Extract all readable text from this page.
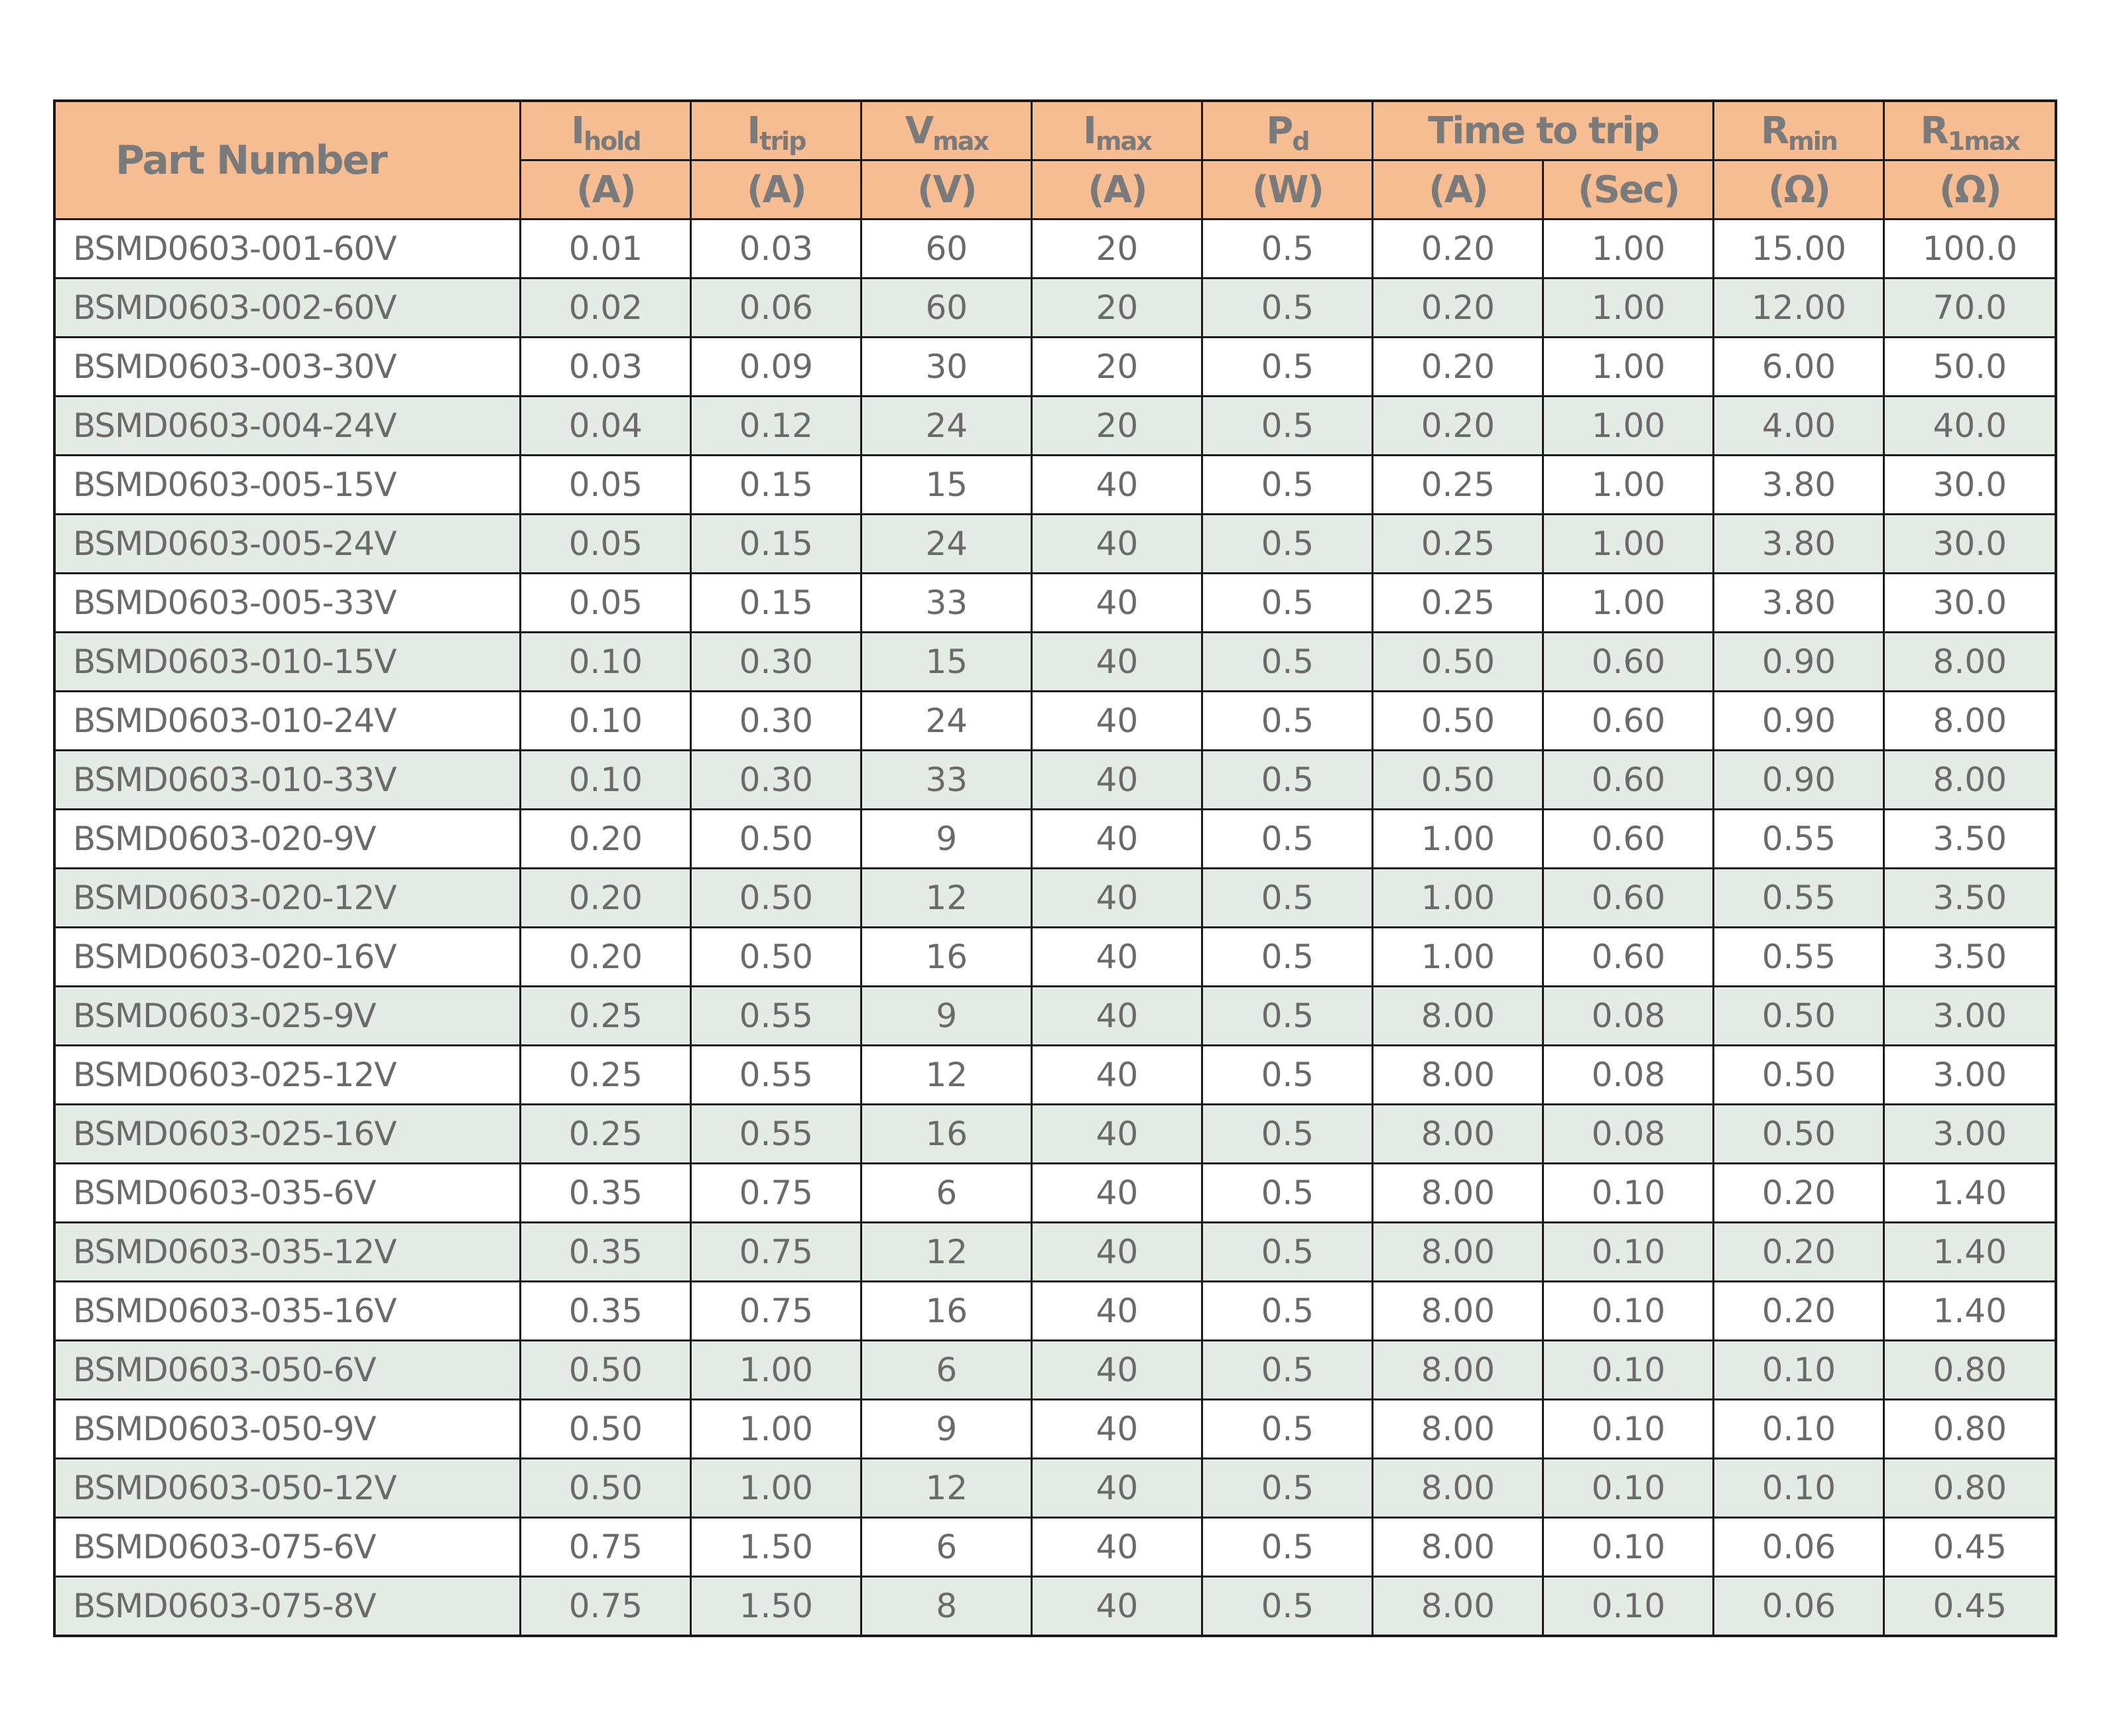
Part Number	Ihold	Itrip	Vmax	Imax	Pd	Time to trip		Rmin	R1max
	(A)	(A)	(V)	(A)	(W)	(A)	(Sec)	(Ω)	(Ω)
BSMD0603-001-60V	0.01	0.03	60	20	0.5	0.20	1.00	15.00	100.0
BSMD0603-002-60V	0.02	0.06	60	20	0.5	0.20	1.00	12.00	70.0
BSMD0603-003-30V	0.03	0.09	30	20	0.5	0.20	1.00	6.00	50.0
BSMD0603-004-24V	0.04	0.12	24	20	0.5	0.20	1.00	4.00	40.0
BSMD0603-005-15V	0.05	0.15	15	40	0.5	0.25	1.00	3.80	30.0
BSMD0603-005-24V	0.05	0.15	24	40	0.5	0.25	1.00	3.80	30.0
BSMD0603-005-33V	0.05	0.15	33	40	0.5	0.25	1.00	3.80	30.0
BSMD0603-010-15V	0.10	0.30	15	40	0.5	0.50	0.60	0.90	8.00
BSMD0603-010-24V	0.10	0.30	24	40	0.5	0.50	0.60	0.90	8.00
BSMD0603-010-33V	0.10	0.30	33	40	0.5	0.50	0.60	0.90	8.00
BSMD0603-020-9V	0.20	0.50	9	40	0.5	1.00	0.60	0.55	3.50
BSMD0603-020-12V	0.20	0.50	12	40	0.5	1.00	0.60	0.55	3.50
BSMD0603-020-16V	0.20	0.50	16	40	0.5	1.00	0.60	0.55	3.50
BSMD0603-025-9V	0.25	0.55	9	40	0.5	8.00	0.08	0.50	3.00
BSMD0603-025-12V	0.25	0.55	12	40	0.5	8.00	0.08	0.50	3.00
BSMD0603-025-16V	0.25	0.55	16	40	0.5	8.00	0.08	0.50	3.00
BSMD0603-035-6V	0.35	0.75	6	40	0.5	8.00	0.10	0.20	1.40
BSMD0603-035-12V	0.35	0.75	12	40	0.5	8.00	0.10	0.20	1.40
BSMD0603-035-16V	0.35	0.75	16	40	0.5	8.00	0.10	0.20	1.40
BSMD0603-050-6V	0.50	1.00	6	40	0.5	8.00	0.10	0.10	0.80
BSMD0603-050-9V	0.50	1.00	9	40	0.5	8.00	0.10	0.10	0.80
BSMD0603-050-12V	0.50	1.00	12	40	0.5	8.00	0.10	0.10	0.80
BSMD0603-075-6V	0.75	1.50	6	40	0.5	8.00	0.10	0.06	0.45
BSMD0603-075-8V	0.75	1.50	8	40	0.5	8.00	0.10	0.06	0.45
